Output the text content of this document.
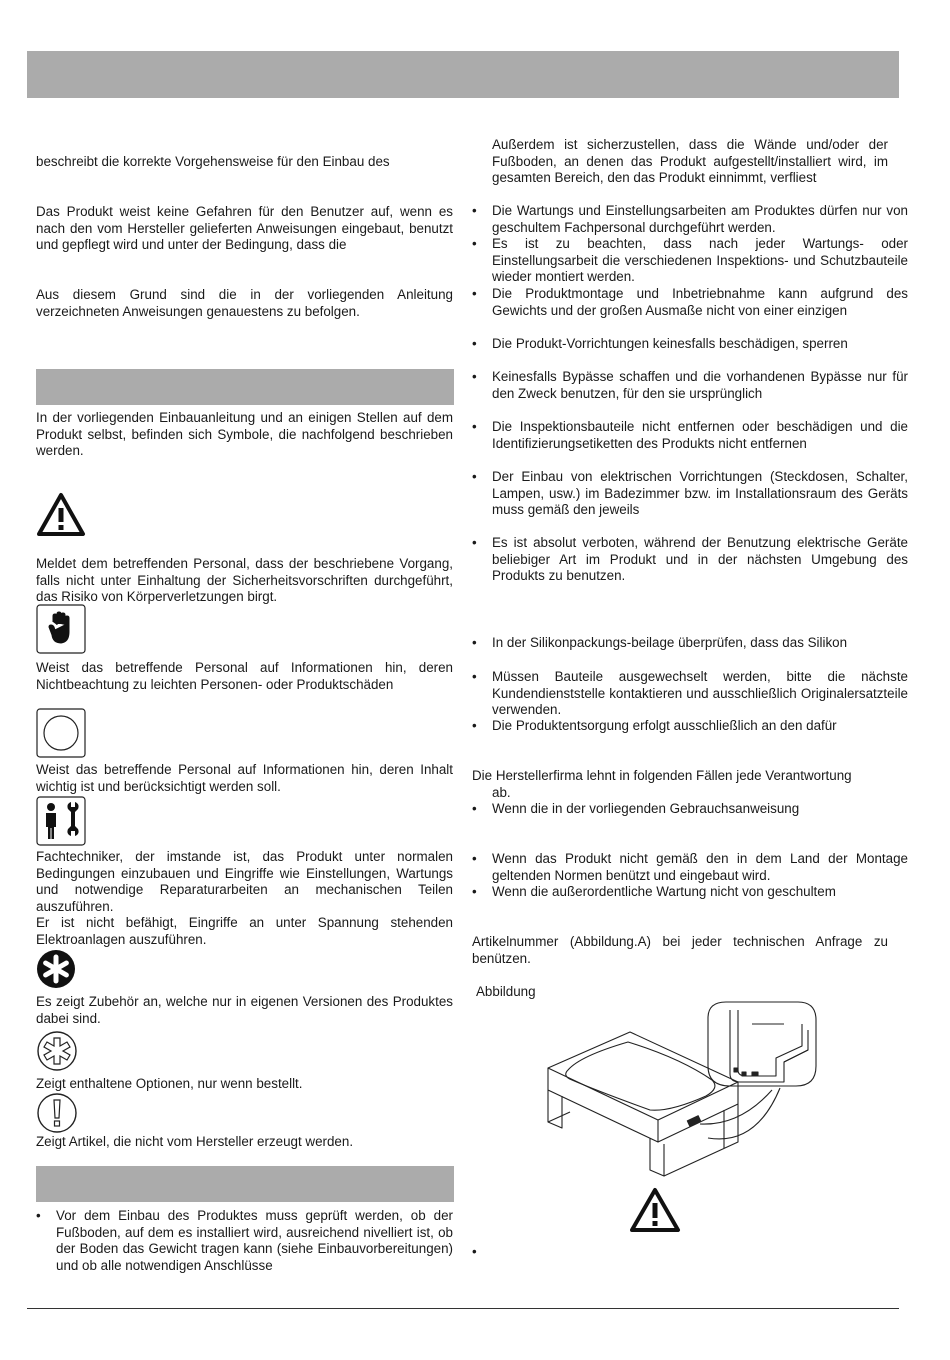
beschreibt die korrekte Vorgehensweise für den Einbau des

Das Produkt weist keine Gefahren für den Benutzer auf, wenn es nach den vom Hersteller gelieferten Anweisungen eingebaut, benutzt und gepflegt wird und unter der Bedingung, dass die

Aus diesem Grund sind die in der vorliegenden Anleitung verzeichneten Anweisungen genauestens zu befolgen.

In der vorliegenden Einbauanleitung und an einigen Stellen auf dem Produkt selbst, befinden sich Symbole, die nachfolgend beschrieben werden.

Meldet dem betreffenden Personal, dass der beschriebene Vorgang, falls nicht unter Einhaltung der Sicherheitsvorschriften durchgeführt, das Risiko von Körperverletzungen birgt.

Weist das betreffende Personal auf Informationen hin, deren Nichtbeachtung zu leichten Personen- oder Produktschäden

Weist das betreffende Personal auf Informationen hin, deren Inhalt wichtig ist und berücksichtigt werden soll.

Fachtechniker, der imstande ist, das Produkt unter normalen Bedingungen einzubauen und Eingriffe wie Einstellungen, Wartungs und notwendige Reparaturarbeiten an mechanischen Teilen auszuführen.

Er ist nicht befähigt, Eingriffe an unter Spannung stehenden Elektroanlagen auszuführen.

Es zeigt Zubehör an, welche nur in eigenen Versionen des Produktes dabei sind.

Zeigt enthaltene Optionen, nur wenn bestellt.

Zeigt Artikel, die nicht vom Hersteller erzeugt werden.

• Vor dem Einbau des Produktes muss geprüft werden, ob der Fußboden, auf dem es installiert wird, ausreichend nivelliert ist, ob der Boden das Gewicht tragen kann (siehe Einbauvorbereitungen) und ob alle notwendigen Anschlüsse

Außerdem ist sicherzustellen, dass die Wände und/oder der Fußboden, an denen das Produkt aufgestellt/installiert wird, im gesamten Bereich, den das Produkt einnimmt, verfliest

• Die Wartungs und Einstellungsarbeiten am Produktes dürfen nur von geschultem Fachpersonal durchgeführt werden.

• Es ist zu beachten, dass nach jeder Wartungs- oder Einstellungsarbeit die verschiedenen Inspektions- und Schutzbauteile wieder montiert werden.

• Die Produktmontage und Inbetriebnahme kann aufgrund des Gewichts und der großen Ausmaße nicht von einer einzigen

• Die Produkt-Vorrichtungen keinesfalls beschädigen, sperren

• Keinesfalls Bypässe schaffen und die vorhandenen Bypässe nur für den Zweck benutzen, für den sie ursprünglich

• Die Inspektionsbauteile nicht entfernen oder beschädigen und die Identifizierungsetiketten des Produkts nicht entfernen

• Der Einbau von elektrischen Vorrichtungen (Steckdosen, Schalter, Lampen, usw.) im Badezimmer bzw. im Installationsraum des Geräts muss gemäß den jeweils

• Es ist absolut verboten, während der Benutzung elektrische Geräte beliebiger Art im Produkt und in der nächsten Umgebung des Produkts zu benutzen.

• In der Silikonpackungs-beilage überprüfen, dass das Silikon

• Müssen Bauteile ausgewechselt werden, bitte die nächste Kundendienststelle kontaktieren und ausschließlich Originalersatzteile verwenden.

• Die Produktentsorgung erfolgt ausschließlich an den dafür

Die Herstellerfirma lehnt in folgenden Fällen jede Verantwortung

ab.

• Wenn die in der vorliegenden Gebrauchsanweisung

• Wenn das Produkt nicht gemäß den in dem Land der Montage geltenden Normen benützt und eingebaut wird.

• Wenn die außerordentliche Wartung nicht von geschultem

Artikelnummer (Abbildung.A) bei jeder technischen Anfrage zu benützen.

Abbildung

•
